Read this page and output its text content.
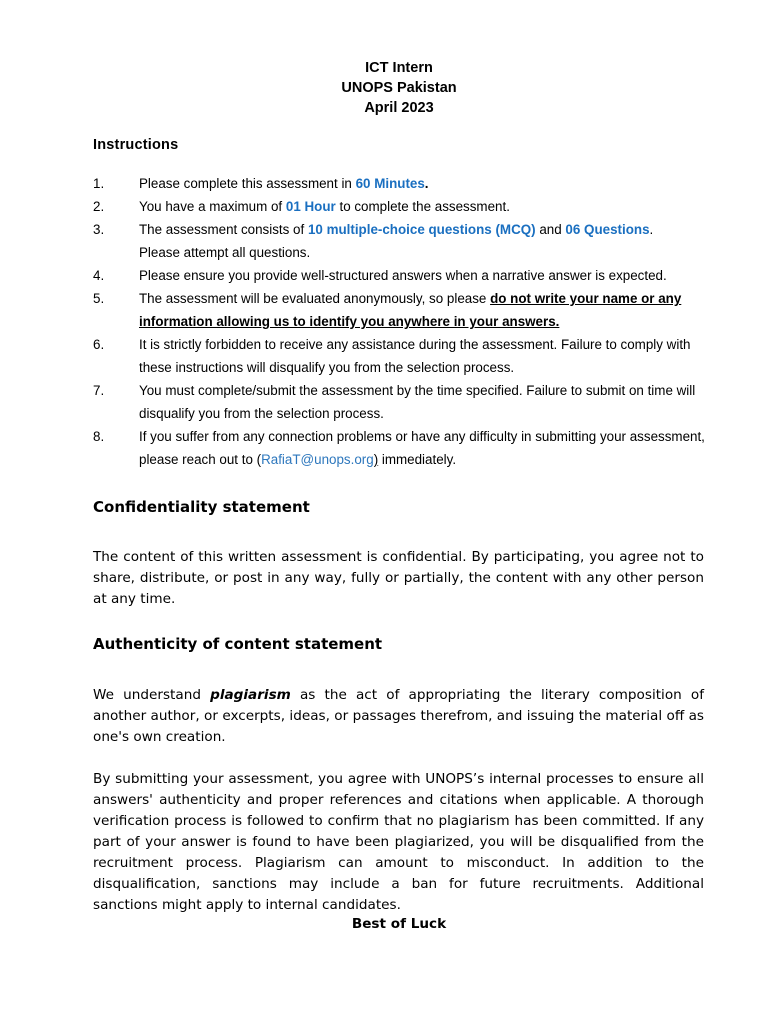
ICT Intern
UNOPS Pakistan
April 2023
Instructions
1.	Please complete this assessment in 60 Minutes.
2.	You have a maximum of 01 Hour to complete the assessment.
3.	The assessment consists of 10 multiple-choice questions (MCQ) and 06 Questions.
Please attempt all questions.
4.	Please ensure you provide well-structured answers when a narrative answer is expected.
5.	The assessment will be evaluated anonymously, so please do not write your name or any information allowing us to identify you anywhere in your answers.
6.	It is strictly forbidden to receive any assistance during the assessment. Failure to comply with these instructions will disqualify you from the selection process.
7.	You must complete/submit the assessment by the time specified. Failure to submit on time will disqualify you from the selection process.
8.	If you suffer from any connection problems or have any difficulty in submitting your assessment, please reach out to (RafiaT@unops.org) immediately.
Confidentiality statement
The content of this written assessment is confidential. By participating, you agree not to share, distribute, or post in any way, fully or partially, the content with any other person at any time.
Authenticity of content statement
We understand plagiarism as the act of appropriating the literary composition of another author, or excerpts, ideas, or passages therefrom, and issuing the material off as one's own creation.
By submitting your assessment, you agree with UNOPS’s internal processes to ensure all answers' authenticity and proper references and citations when applicable. A thorough verification process is followed to confirm that no plagiarism has been committed. If any part of your answer is found to have been plagiarized, you will be disqualified from the recruitment process. Plagiarism can amount to misconduct. In addition to the disqualification, sanctions may include a ban for future recruitments. Additional sanctions might apply to internal candidates.
Best of Luck
